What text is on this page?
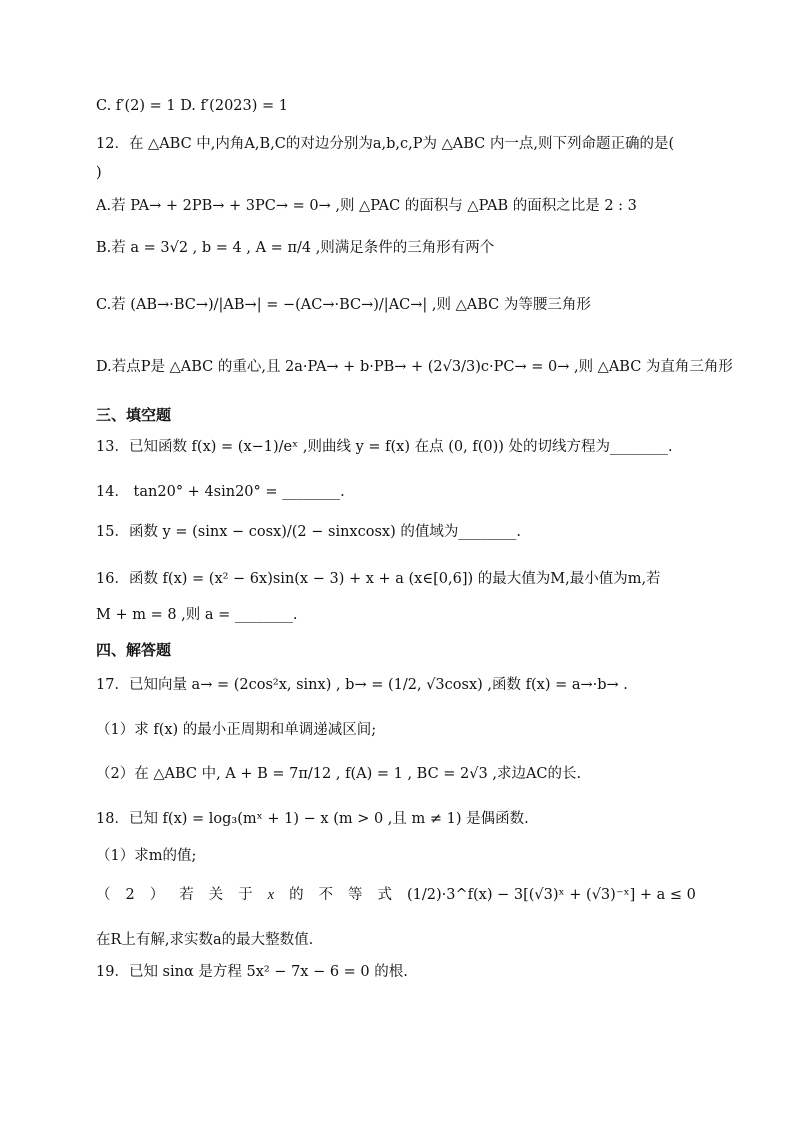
C. f′(2) = 1 D. f′(2023) = 1
12．在 △ABC 中,内角A,B,C的对边分别为a,b,c,P为 △ABC 内一点,则下列命题正确的是(
)
A.若 PA→ + 2PB→ + 3PC→ = 0→ ,则 △PAC 的面积与 △PAB 的面积之比是 2 : 3
B.若 a = 3√2 , b = 4 , A = π/4 ,则满足条件的三角形有两个
C.若 (AB→·BC→)/|AB→| = −(AC→·BC→)/|AC→| ,则 △ABC 为等腰三角形
D.若点P是 △ABC 的重心,且 2a·PA→ + b·PB→ + (2√3/3)c·PC→ = 0→ ,则 △ABC 为直角三角形
三、填空题
13．已知函数 f(x) = (x−1)/eˣ ,则曲线 y = f(x) 在点 (0, f(0)) 处的切线方程为________.
14． tan20° + 4sin20° = ________.
15．函数 y = (sinx − cosx)/(2 − sinxcosx) 的值域为________.
16．函数 f(x) = (x² − 6x)sin(x − 3) + x + a (x∈[0,6]) 的最大值为M,最小值为m,若
M + m = 8 ,则 a = ________.
四、解答题
17．已知向量 a→ = (2cos²x, sinx) , b→ = (1/2, √3cosx) ,函数 f(x) = a→·b→ .
（1）求 f(x) 的最小正周期和单调递减区间;
（2）在 △ABC 中, A + B = 7π/12 , f(A) = 1 , BC = 2√3 ,求边AC的长.
18．已知 f(x) = log₃(mˣ + 1) − x (m > 0 ,且 m ≠ 1) 是偶函数.
（1）求m的值;
（ 2 ） 若 关 于 x 的 不 等 式 (1/2)·3^f(x) − 3[(√3)ˣ + (√3)⁻ˣ] + a ≤ 0
在R上有解,求实数a的最大整数值.
19．已知 sinα 是方程 5x² − 7x − 6 = 0 的根.
